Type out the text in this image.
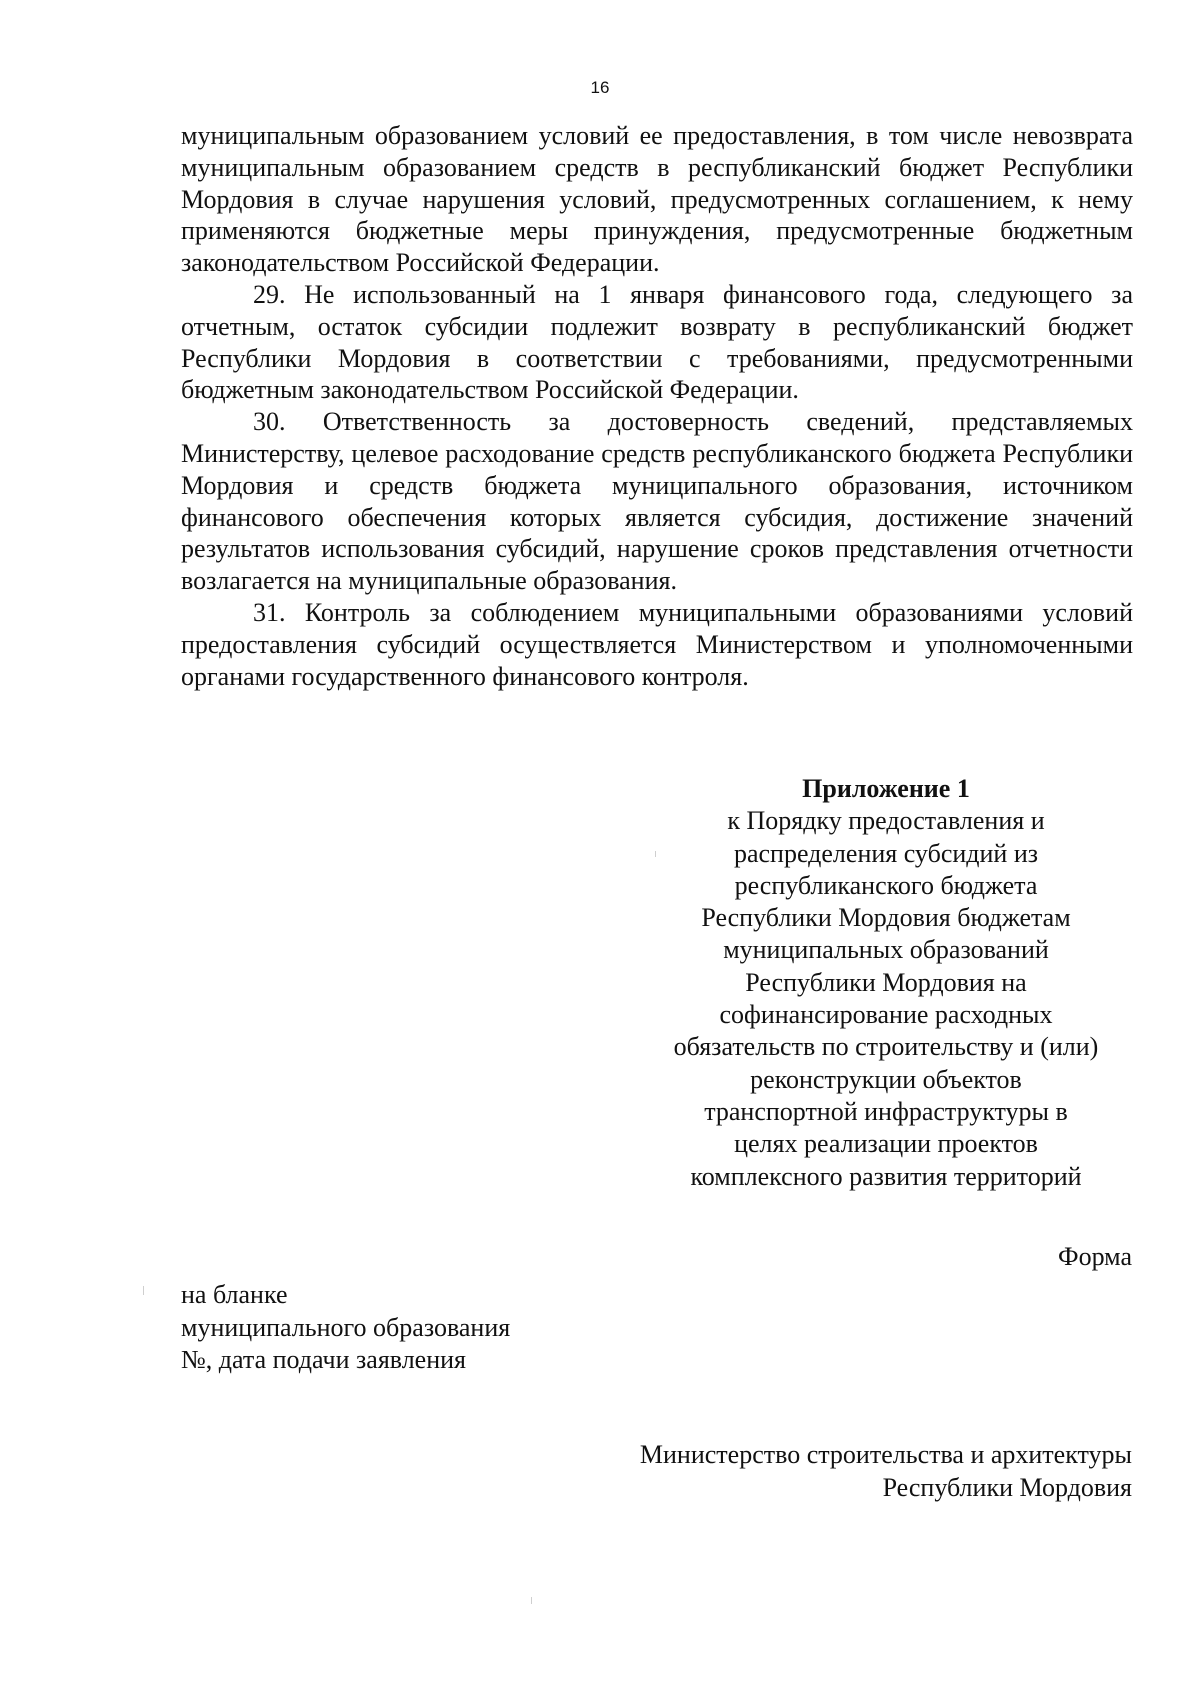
16

муниципальным образованием условий ее предоставления, в том числе невозврата муниципальным образованием средств в республиканский бюджет Республики Мордовия в случае нарушения условий, предусмотренных соглашением, к нему применяются бюджетные меры принуждения, предусмотренные бюджетным законодательством Российской Федерации.

29. Не использованный на 1 января финансового года, следующего за отчетным, остаток субсидии подлежит возврату в республиканский бюджет Республики Мордовия в соответствии с требованиями, предусмотренными бюджетным законодательством Российской Федерации.

30. Ответственность за достоверность сведений, представляемых Министерству, целевое расходование средств республиканского бюджета Республики Мордовия и средств бюджета муниципального образования, источником финансового обеспечения которых является субсидия, достижение значений результатов использования субсидий, нарушение сроков представления отчетности возлагается на муниципальные образования.

31. Контроль за соблюдением муниципальными образованиями условий предоставления субсидий осуществляется Министерством и уполномоченными органами государственного финансового контроля.

Приложение 1
к Порядку предоставления и
распределения субсидий из
республиканского бюджета
Республики Мордовия бюджетам
муниципальных образований
Республики Мордовия на
софинансирование расходных
обязательств по строительству и (или)
реконструкции объектов
транспортной инфраструктуры в
целях реализации проектов
комплексного развития территорий
Форма
на бланке
муниципального образования
№, дата подачи заявления
Министерство строительства и архитектуры
Республики Мордовия
